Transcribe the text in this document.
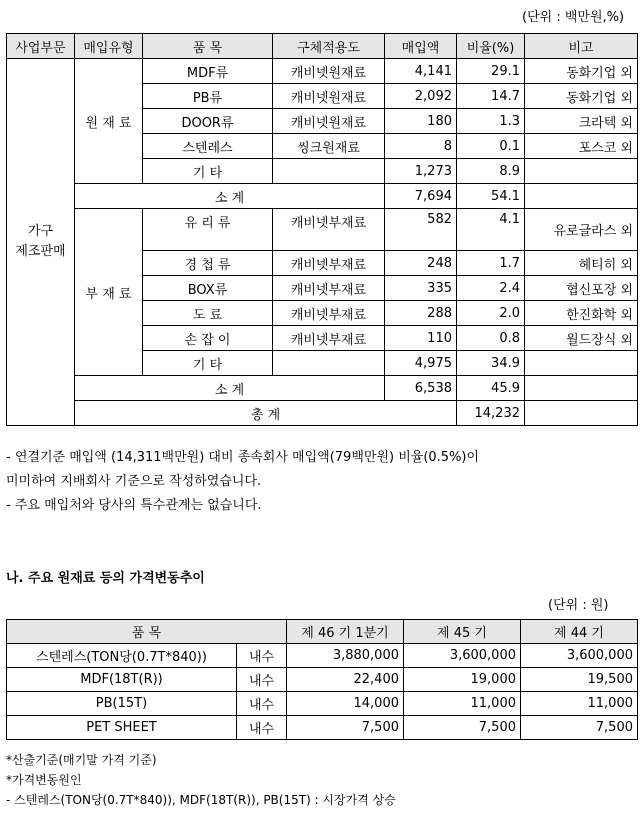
(단위 : 백만원,%)
사업부문	매입유형	품 목	구체적용도	매입액	비율(%)	비고	
가구
제조판매	원 재 료	MDF류	캐비넷원재료	4,141	29.1	동화기업 외	
		PB류	캐비넷원재료	2,092	14.7	동화기업 외	
		DOOR류	캐비넷원재료	180	1.3	크라텍 외	
		스텐레스	씽크원재료	8	0.1	포스코 외	
		기 타		1,273	8.9		
	소 계			7,694	54.1		
	부 재 료	유 리 류	캐비넷부재료	582	4.1	유로글라스 외	
		경 첩 류	캐비넷부재료	248	1.7	헤티히 외	
		BOX류	캐비넷부재료	335	2.4	협신포장 외	
		도 료	캐비넷부재료	288	2.0	한진화학 외	
		손 잡 이	캐비넷부재료	110	0.8	월드장식 외	
		기 타		4,975	34.9		
	소 계			6,538	45.9		
	총 계				14,232		
- 연결기준 매입액 (14,311백만원) 대비 종속회사 매입액(79백만원) 비율(0.5%)이
미미하여 지배회사 기준으로 작성하였습니다.
- 주요 매입처와 당사의 특수관계는 없습니다.
나. 주요 원재료 등의 가격변동추이
(단위 : 원)
품 목		제 46 기 1분기	제 45 기	제 44 기
스텐레스(TON당(0.7T*840))	내수	3,880,000	3,600,000	3,600,000
MDF(18T(R))	내수	22,400	19,000	19,500
PB(15T)	내수	14,000	11,000	11,000
PET SHEET	내수	7,500	7,500	7,500
*산출기준(매기말 가격 기준)
*가격변동원인
- 스텐레스(TON당(0.7T*840)), MDF(18T(R)), PB(15T) : 시장가격 상승
